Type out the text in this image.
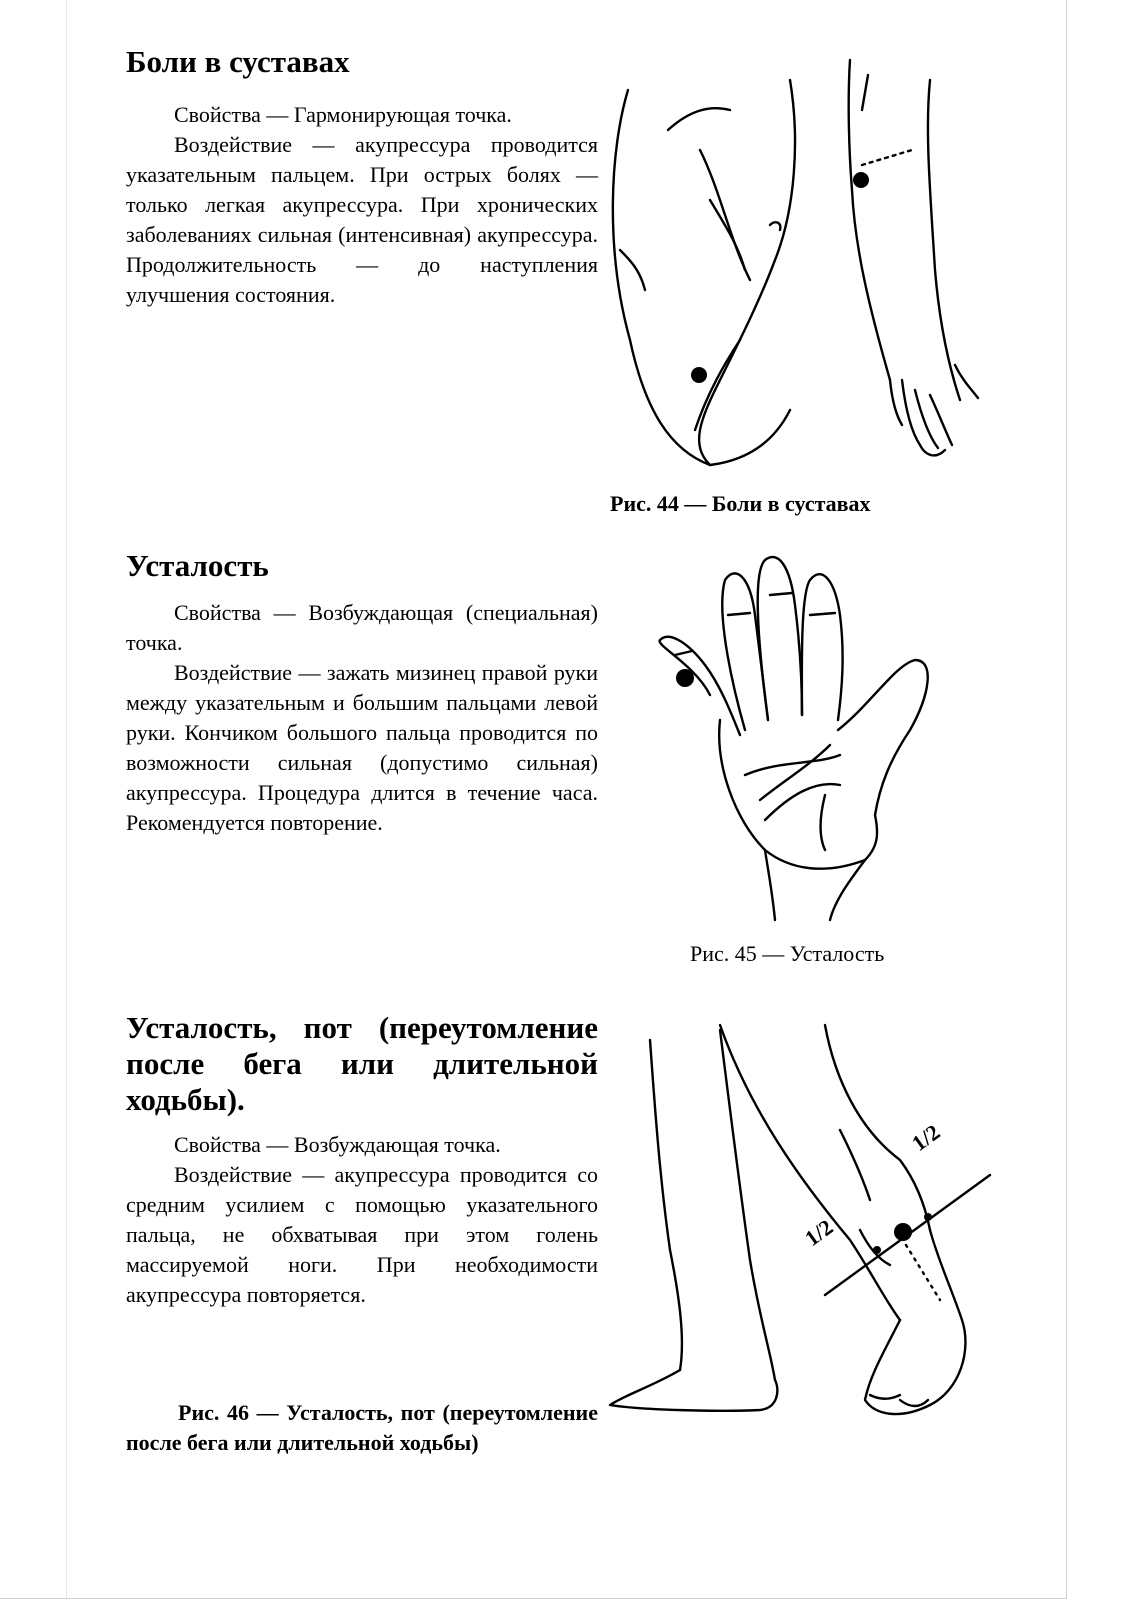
Боли в суставах

Свойства — Гармонирующая точка.

Воздействие — акупрессура проводится указательным пальцем. При острых болях — только легкая акупрессура. При хронических заболеваниях сильная (интенсивная) акупрессура. Продолжительность — до наступления улучшения состояния.

Рис. 44 — Боли в суставах
Усталость

Свойства — Возбуждающая (специальная) точка.

Воздействие — зажать мизинец правой руки между указательным и большим пальцами левой руки. Кончиком большого пальца проводится по возможности сильная (допустимо сильная) акупрессура. Процедура длится в течение часа. Рекомендуется повторение.

Рис. 45 — Усталость
Усталость, пот (переутомление после бега или длительной ходьбы).

Свойства — Возбуждающая точка.

Воздействие — акупрессура проводится со средним усилием с помощью указательного пальца, не обхватывая при этом голень массируемой ноги. При необходимости акупрессура повторяется.

1/2
1/2

Рис. 46 — Усталость, пот (переутомление после бега или длительной ходьбы)
